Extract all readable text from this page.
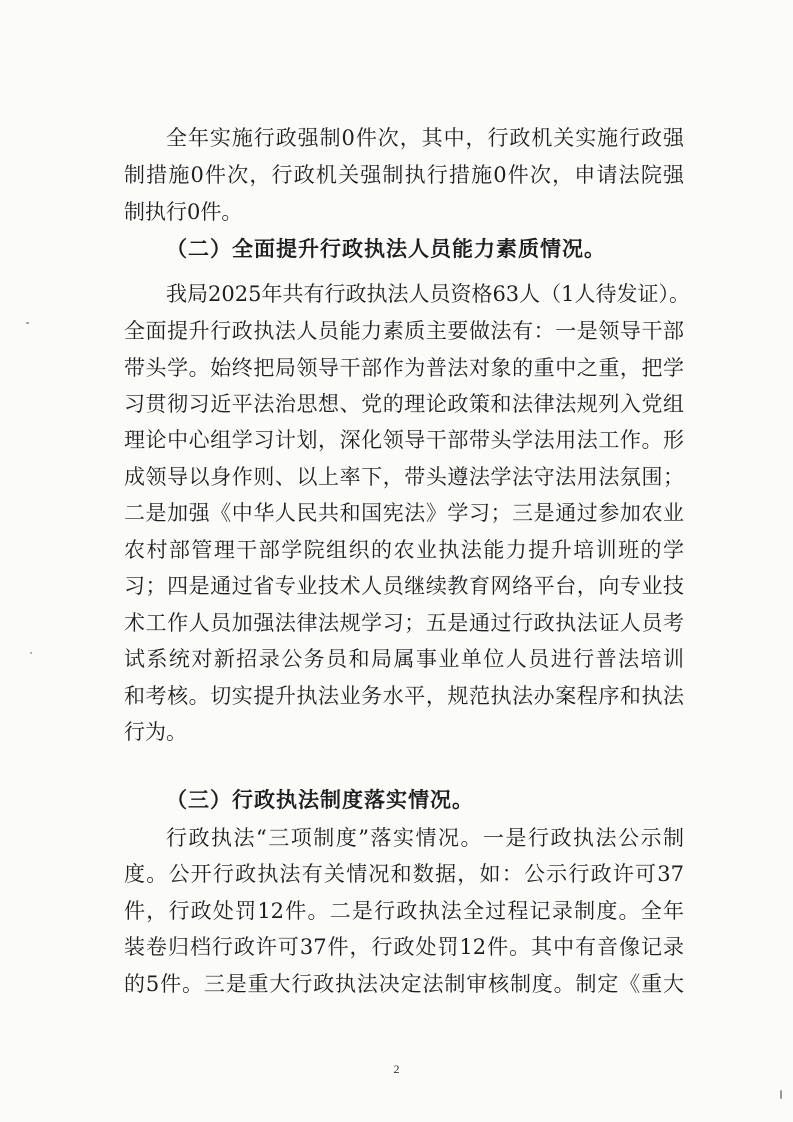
全年实施行政强制0件次，其中，行政机关实施行政强
制措施0件次，行政机关强制执行措施0件次，申请法院强
制执行0件。
（二）全面提升行政执法人员能力素质情况。
我局2025年共有行政执法人员资格63人（1人待发证）。
全面提升行政执法人员能力素质主要做法有：一是领导干部
带头学。始终把局领导干部作为普法对象的重中之重，把学
习贯彻习近平法治思想、党的理论政策和法律法规列入党组
理论中心组学习计划，深化领导干部带头学法用法工作。形
成领导以身作则、以上率下，带头遵法学法守法用法氛围；
二是加强《中华人民共和国宪法》学习；三是通过参加农业
农村部管理干部学院组织的农业执法能力提升培训班的学
习；四是通过省专业技术人员继续教育网络平台，向专业技
术工作人员加强法律法规学习；五是通过行政执法证人员考
试系统对新招录公务员和局属事业单位人员进行普法培训
和考核。切实提升执法业务水平，规范执法办案程序和执法
行为。
（三）行政执法制度落实情况。
行政执法“三项制度”落实情况。一是行政执法公示制
度。公开行政执法有关情况和数据，如：公示行政许可37
件，行政处罚12件。二是行政执法全过程记录制度。全年
装卷归档行政许可37件，行政处罚12件。其中有音像记录
的5件。三是重大行政执法决定法制审核制度。制定《重大
2
